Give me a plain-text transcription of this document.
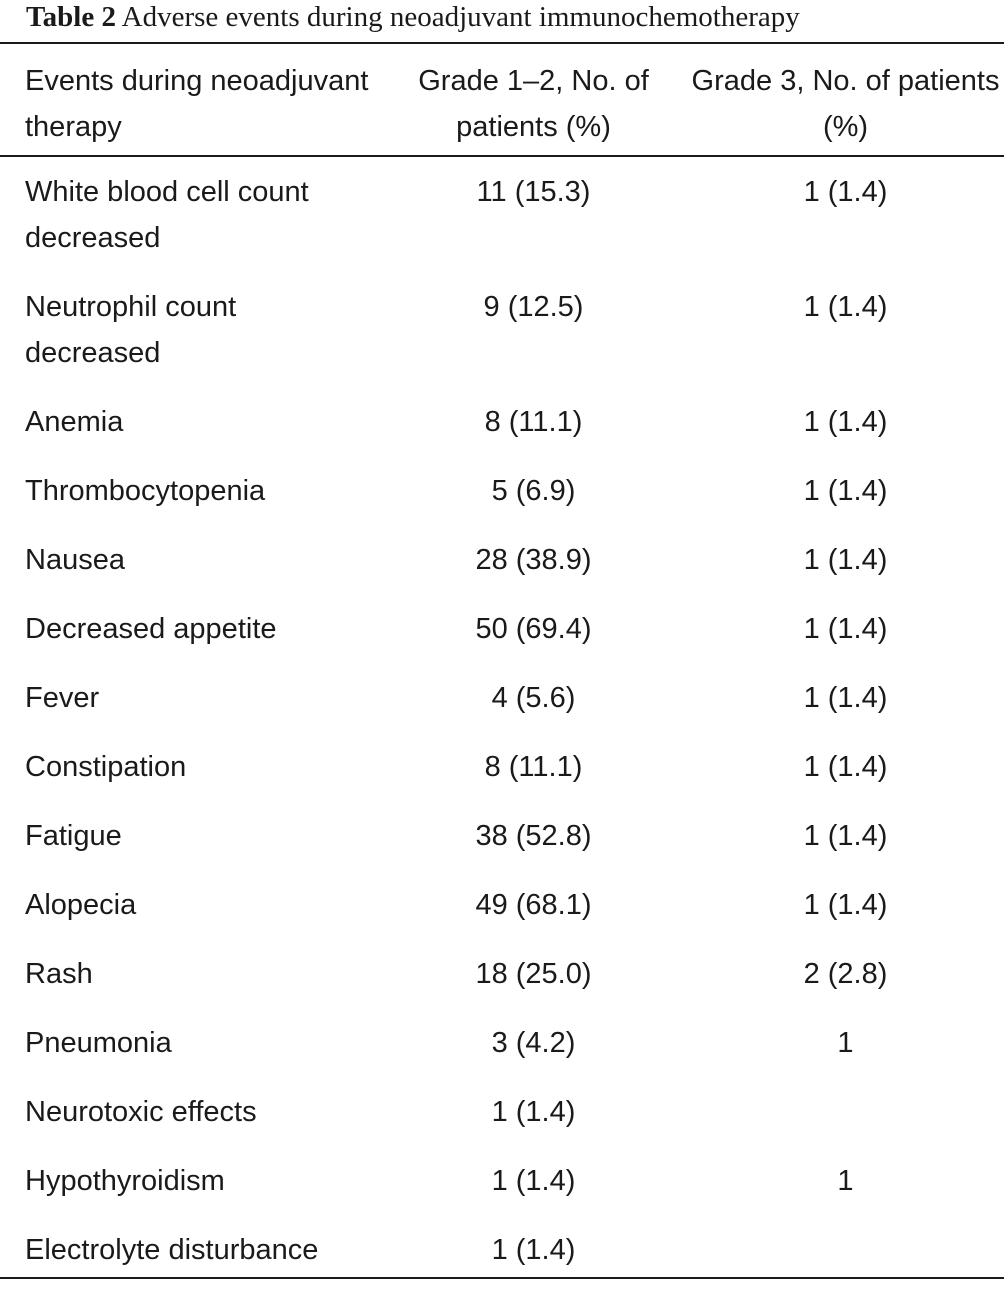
Table 2 Adverse events during neoadjuvant immunochemotherapy
Events during neoadjuvant therapy	Grade 1–2, No. of patients (%)	Grade 3, No. of patients (%)

White blood cell count decreased	11 (15.3)	1 (1.4)
Neutrophil count decreased	9 (12.5)	1 (1.4)
Anemia	8 (11.1)	1 (1.4)
Thrombocytopenia	5 (6.9)	1 (1.4)
Nausea	28 (38.9)	1 (1.4)
Decreased appetite	50 (69.4)	1 (1.4)
Fever	4 (5.6)	1 (1.4)
Constipation	8 (11.1)	1 (1.4)
Fatigue	38 (52.8)	1 (1.4)
Alopecia	49 (68.1)	1 (1.4)
Rash	18 (25.0)	2 (2.8)
Pneumonia	3 (4.2)	1
Neurotoxic effects	1 (1.4)	
Hypothyroidism	1 (1.4)	1
Electrolyte disturbance	1 (1.4)	
